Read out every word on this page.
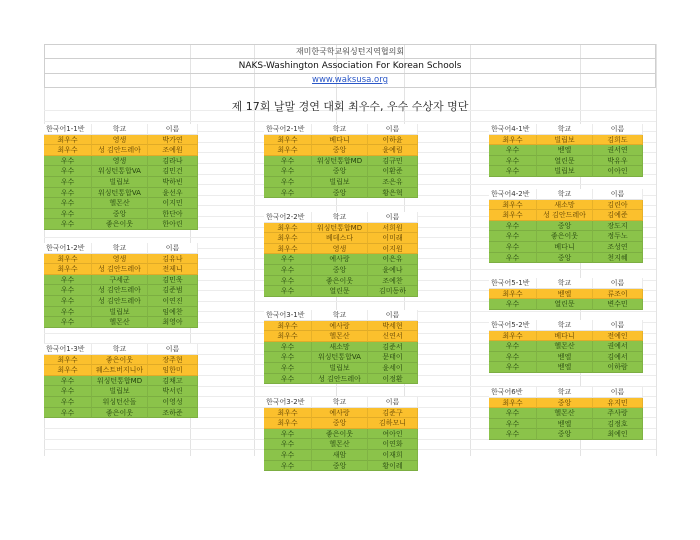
재미한국학교워싱턴지역협의회
NAKS-Washington Association For Korean Schools
www.waksusa.org
제 17회 날말 경연 대회 최우수, 우수 수상자 명단
한국어1-1반	학교	이름
최우수	영생	박가연
최우수	성 김안드레아	조예원
우수	영생	김라나
우수	워싱턴통합VA	김민건
우수	빌립보	박하빈
우수	워싱턴통합VA	윤선우
우수	헬몬산	이지민
우수	중앙	한단아
우수	좋은이웃	한아린
한국어1-2반	학교	이름
최우수	영생	김유나
최우수	성 김안드레아	전제니
우수	구세군	김민욱
우수	성 김안드레아	김준범
우수	성 김안드레아	이연진
우수	빌립보	임예찬
우수	헬몬산	최영아
한국어1-3반	학교	이름
최우수	좋은이웃	장주현
최우수	웨스트버지니아	임한미
우수	워싱턴통합MD	김채고
우수	빌립보	박서린
우수	워싱턴산돌	이영성
우수	좋은이웃	조하준
한국어2-1반	학교	이름
최우수	베다니	이하윤
최우수	중앙	윤예림
우수	워싱턴통합MD	김규민
우수	중앙	이환준
우수	빌립보	조은유
우수	중앙	황은혁
한국어2-2반	학교	이름
최우수	워싱턴통합MD	서희원
최우수	베데스다	이미래
최우수	영생	이지원
우수	예사랑	이은유
우수	중앙	윤예나
우수	좋은이웃	조예찬
우수	열린문	김미동하
한국어3-1반	학교	이름
최우수	예사랑	박세현
최우수	헬몬산	신연서
우수	새소망	김준서
우수	워싱턴통합VA	문태이
우수	빌립보	윤세이
우수	성 김안드레아	이정환
한국어3-2반	학교	이름
최우수	예사랑	김준구
최우수	중앙	김하모니
우수	좋은이웃	여아인
우수	헬몬산	이연화
우수	새암	이재희
우수	중앙	황이레
한국어4-1반	학교	이름
최우수	빌립보	김희도
우수	벧엘	권서연
우수	열린문	박유우
우수	빌립보	이아인
한국어4-2반	학교	이름
최우수	새소망	김린아
최우수	성 김안드레아	김예준
우수	중앙	장도지
우수	좋은이웃	정두노
우수	베다니	조성연
우수	중앙	천지혜
한국어5-1반	학교	이름
최우수	벧엘	류조이
우수	열린문	변수민
한국어5-2반	학교	이름
최우수	베다니	전예인
우수	헬몬산	권예서
우수	벧엘	김예서
우수	벧엘	이하람
한국어6반	학교	이름
최우수	중앙	유지민
우수	헬몬산	주사랑
우수	벧엘	김정호
우수	중앙	최예인
